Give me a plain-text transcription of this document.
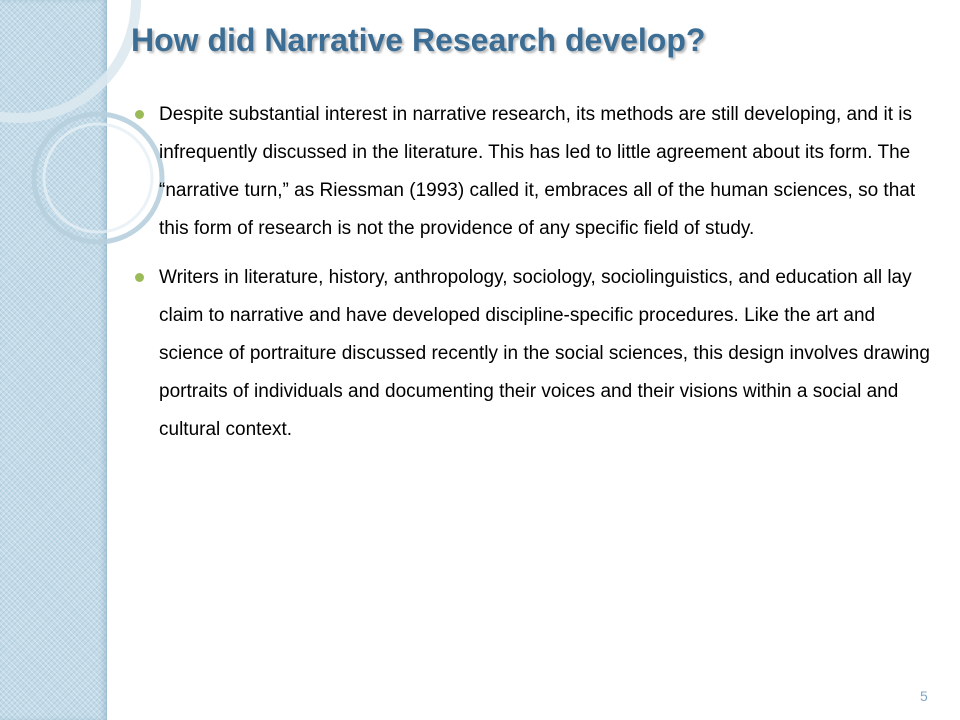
How did Narrative Research develop?

Despite substantial interest in narrative research, its methods are still developing, and it is infrequently discussed in the literature. This has led to little agreement about its form. The “narrative turn,” as Riessman (1993) called it, embraces all of the human sciences, so that this form of research is not the providence of any specific field of study.

Writers in literature, history, anthropology, sociology, sociolinguistics, and education all lay claim to narrative and have developed discipline-specific procedures. Like the art and science of portraiture discussed recently in the social sciences, this design involves drawing portraits of individuals and documenting their voices and their visions within a social and cultural context.

5
